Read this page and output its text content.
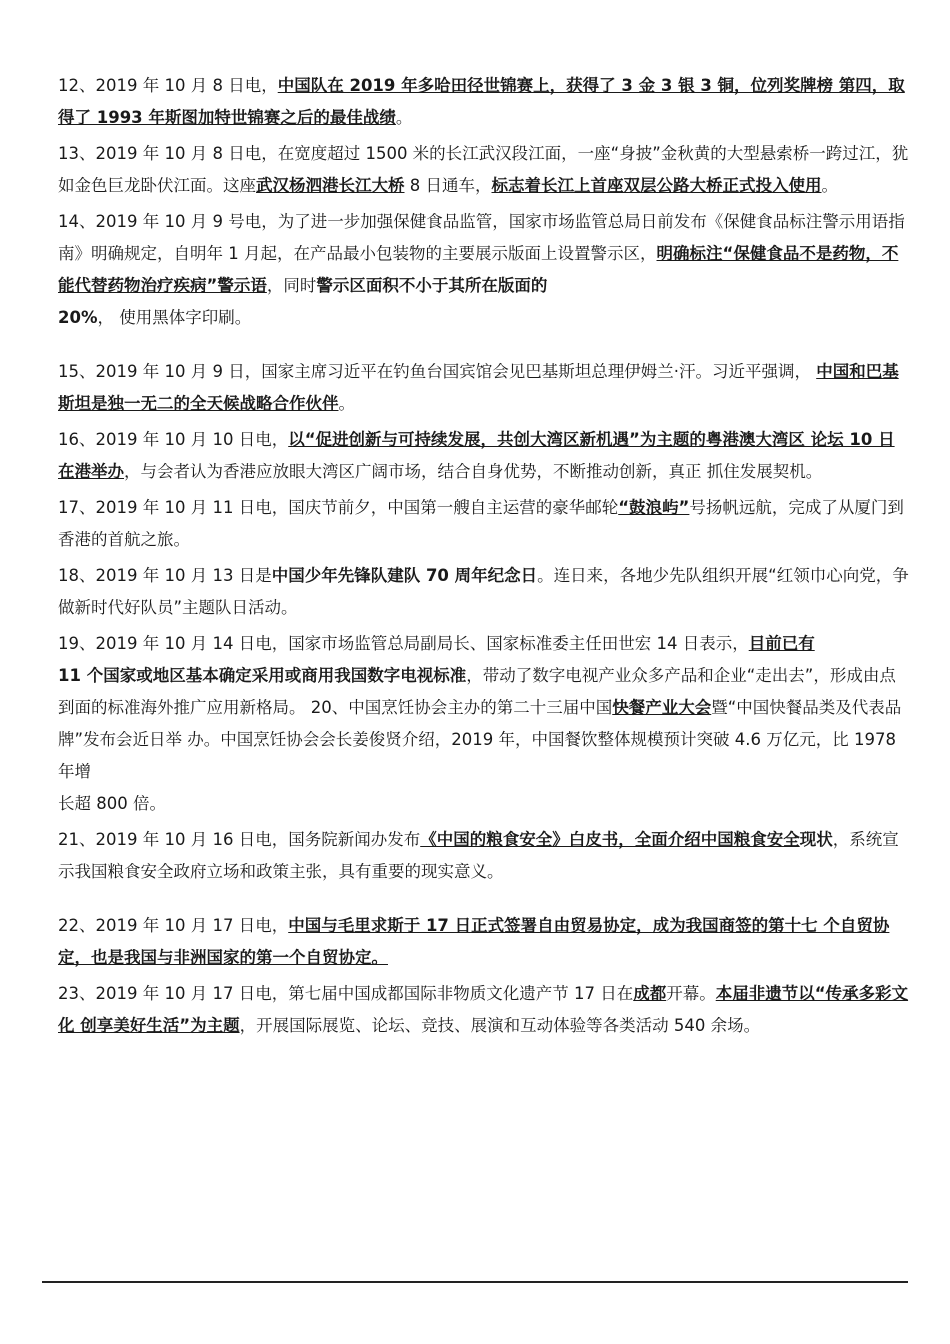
12、2019 年 10 月 8 日电，中国队在 2019 年多哈田径世锦赛上，获得了 3 金 3 银 3 铜，位列奖牌榜 第四，取得了 1993 年斯图加特世锦赛之后的最佳战绩。

13、2019 年 10 月 8 日电，在宽度超过 1500 米的长江武汉段江面，一座“身披”金秋黄的大型悬索桥一跨过江，犹如金色巨龙卧伏江面。这座武汉杨泗港长江大桥 8 日通车，标志着长江上首座双层公路大桥正式投入使用。

14、2019 年 10 月 9 号电，为了进一步加强保健食品监管，国家市场监管总局日前发布《保健食品标注警示用语指南》明确规定，自明年 1 月起，在产品最小包装物的主要展示版面上设置警示区，明确标注“保健食品不是药物，不能代替药物治疗疾病”警示语，同时警示区面积不小于其所在版面的
20%， 使用黑体字印刷。

15、2019 年 10 月 9 日，国家主席习近平在钓鱼台国宾馆会见巴基斯坦总理伊姆兰·汗。习近平强调， 中国和巴基斯坦是独一无二的全天候战略合作伙伴。

16、2019 年 10 月 10 日电，以“促进创新与可持续发展，共创大湾区新机遇”为主题的粤港澳大湾区 论坛 10 日在港举办，与会者认为香港应放眼大湾区广阔市场，结合自身优势，不断推动创新，真正 抓住发展契机。

17、2019 年 10 月 11 日电，国庆节前夕，中国第一艘自主运营的豪华邮轮“鼓浪屿”号扬帆远航，完成了从厦门到香港的首航之旅。

18、2019 年 10 月 13 日是中国少年先锋队建队 70 周年纪念日。连日来，各地少先队组织开展“红领巾心向党，争做新时代好队员”主题队日活动。

19、2019 年 10 月 14 日电，国家市场监管总局副局长、国家标准委主任田世宏 14 日表示，目前已有
11 个国家或地区基本确定采用或商用我国数字电视标准，带动了数字电视产业众多产品和企业“走出去”，形成由点到面的标准海外推广应用新格局。 20、中国烹饪协会主办的第二十三届中国快餐产业大会暨“中国快餐品类及代表品牌”发布会近日举 办。中国烹饪协会会长姜俊贤介绍，2019 年，中国餐饮整体规模预计突破 4.6 万亿元，比 1978 年增
长超 800 倍。

21、2019 年 10 月 16 日电，国务院新闻办发布《中国的粮食安全》白皮书，全面介绍中国粮食安全现状，系统宣示我国粮食安全政府立场和政策主张，具有重要的现实意义。

22、2019 年 10 月 17 日电，中国与毛里求斯于 17 日正式签署自由贸易协定，成为我国商签的第十七 个自贸协定，也是我国与非洲国家的第一个自贸协定。

23、2019 年 10 月 17 日电，第七届中国成都国际非物质文化遗产节 17 日在成都开幕。本届非遗节以“传承多彩文化 创享美好生活”为主题，开展国际展览、论坛、竞技、展演和互动体验等各类活动 540 余场。
